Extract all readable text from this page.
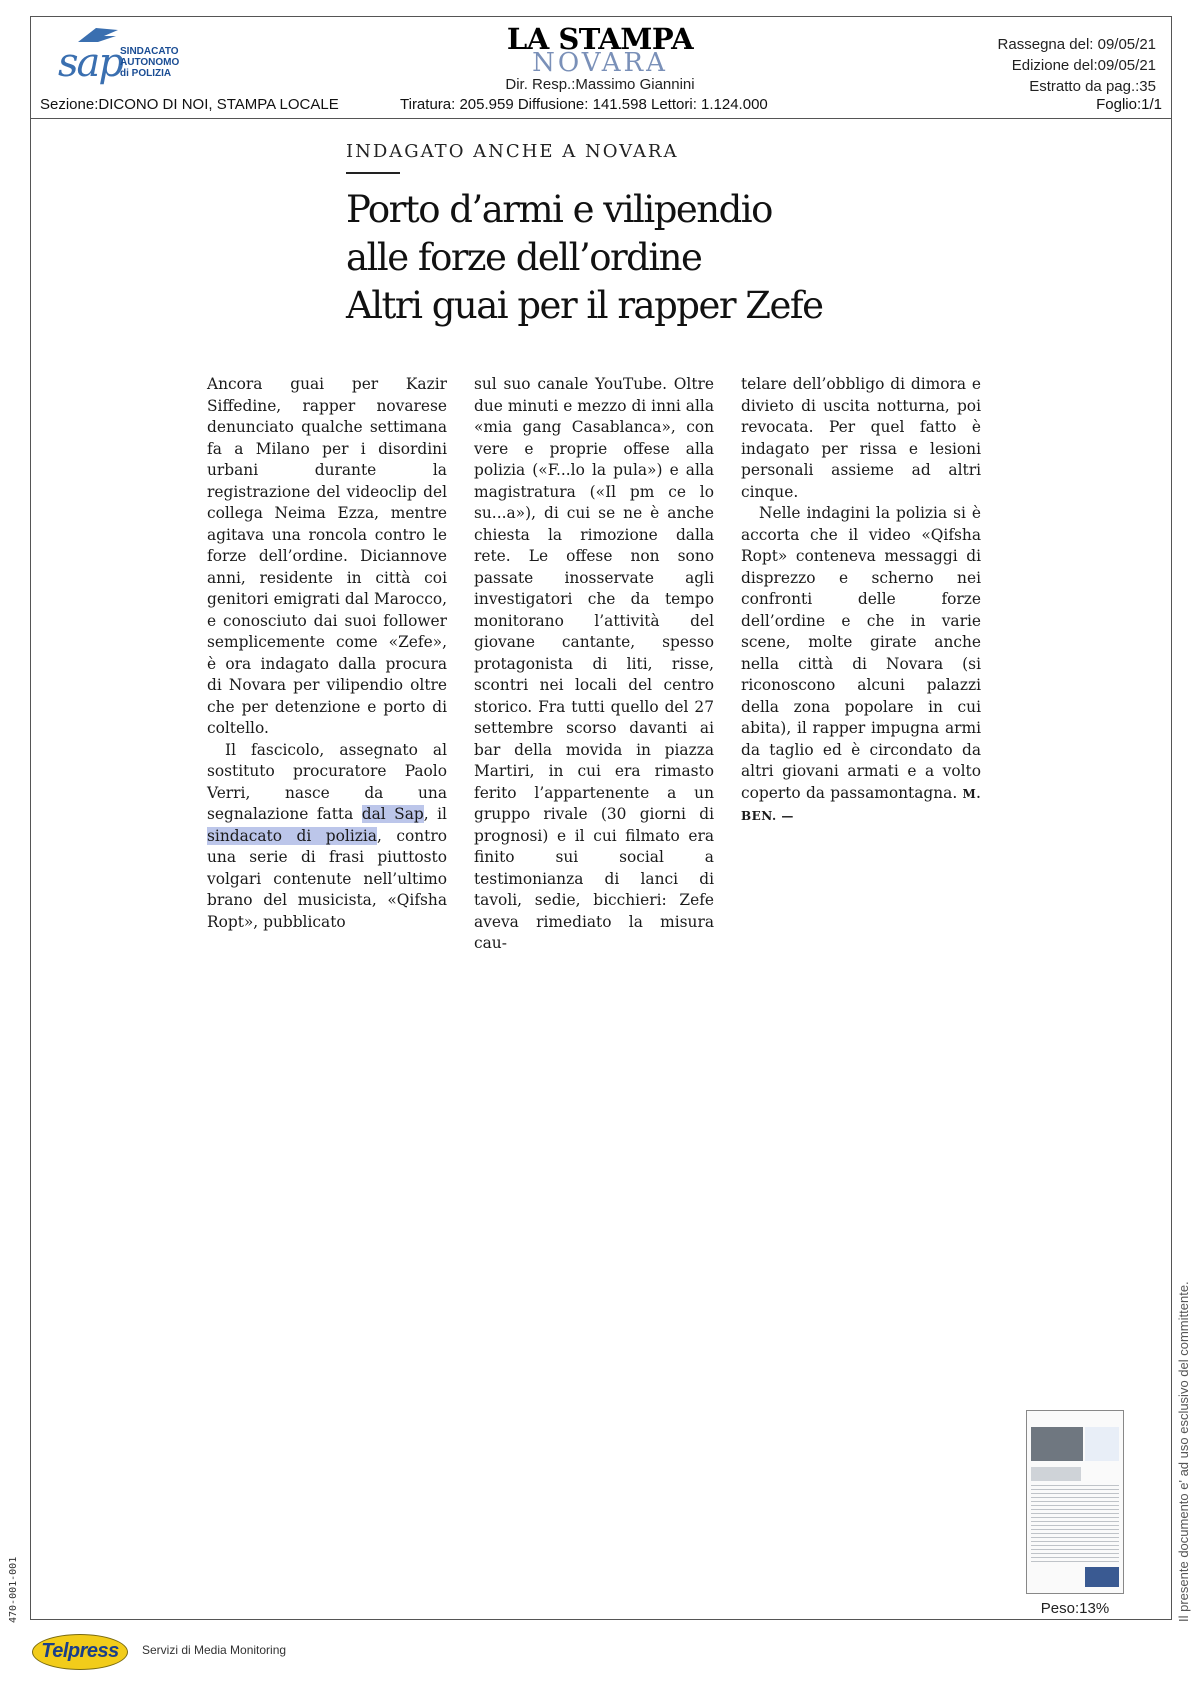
sap
SINDACATO
AUTONOMO
di POLIZIA
LA STAMPA
NOVARA
Dir. Resp.:Massimo Giannini
Rassegna del: 09/05/21
Edizione del:09/05/21
Estratto da pag.:35
Sezione:DICONO DI NOI, STAMPA LOCALE	Tiratura: 205.959 Diffusione: 141.598 Lettori: 1.124.000	Foglio:1/1
INDAGATO ANCHE A NOVARA
Porto d’armi e vilipendio
alle forze dell’ordine
Altri guai per il rapper Zefe

Ancora guai per Kazir Siffedine, rapper novarese denunciato qualche settimana fa a Milano per i disordini urbani durante la registrazione del videoclip del collega Neima Ezza, mentre agitava una roncola contro le forze dell’ordine. Diciannove anni, residente in città coi genitori emigrati dal Marocco, e conosciuto dai suoi follower semplicemente come «Zefe», è ora indagato dalla procura di Novara per vilipendio oltre che per detenzione e porto di coltello.

Il fascicolo, assegnato al sostituto procuratore Paolo Verri, nasce da una segnalazione fatta dal Sap, il sindacato di polizia, contro una serie di frasi piuttosto volgari contenute nell’ultimo brano del musicista, «Qifsha Ropt», pubblicato

sul suo canale YouTube. Oltre due minuti e mezzo di inni alla «mia gang Casablanca», con vere e proprie offese alla polizia («F...lo la pula») e alla magistratura («Il pm ce lo su...a»), di cui se ne è anche chiesta la rimozione dalla rete. Le offese non sono passate inosservate agli investigatori che da tempo monitorano l’attività del giovane cantante, spesso protagonista di liti, risse, scontri nei locali del centro storico. Fra tutti quello del 27 settembre scorso davanti ai bar della movida in piazza Martiri, in cui era rimasto ferito l’appartenente a un gruppo rivale (30 giorni di prognosi) e il cui filmato era finito sui social a testimonianza di lanci di tavoli, sedie, bicchieri: Zefe aveva rimediato la misura cau-

telare dell’obbligo di dimora e divieto di uscita notturna, poi revocata. Per quel fatto è indagato per rissa e lesioni personali assieme ad altri cinque.

Nelle indagini la polizia si è accorta che il video «Qifsha Ropt» conteneva messaggi di disprezzo e scherno nei confronti delle forze dell’ordine e che in varie scene, molte girate anche nella città di Novara (si riconoscono alcuni palazzi della zona popolare in cui abita), il rapper impugna armi da taglio ed è circondato da altri giovani armati e a volto coperto da passamontagna. M. BEN. —

Peso:13%	Il presente documento e' ad uso esclusivo del committente.
470-001-001
Telpress	Servizi di Media Monitoring
